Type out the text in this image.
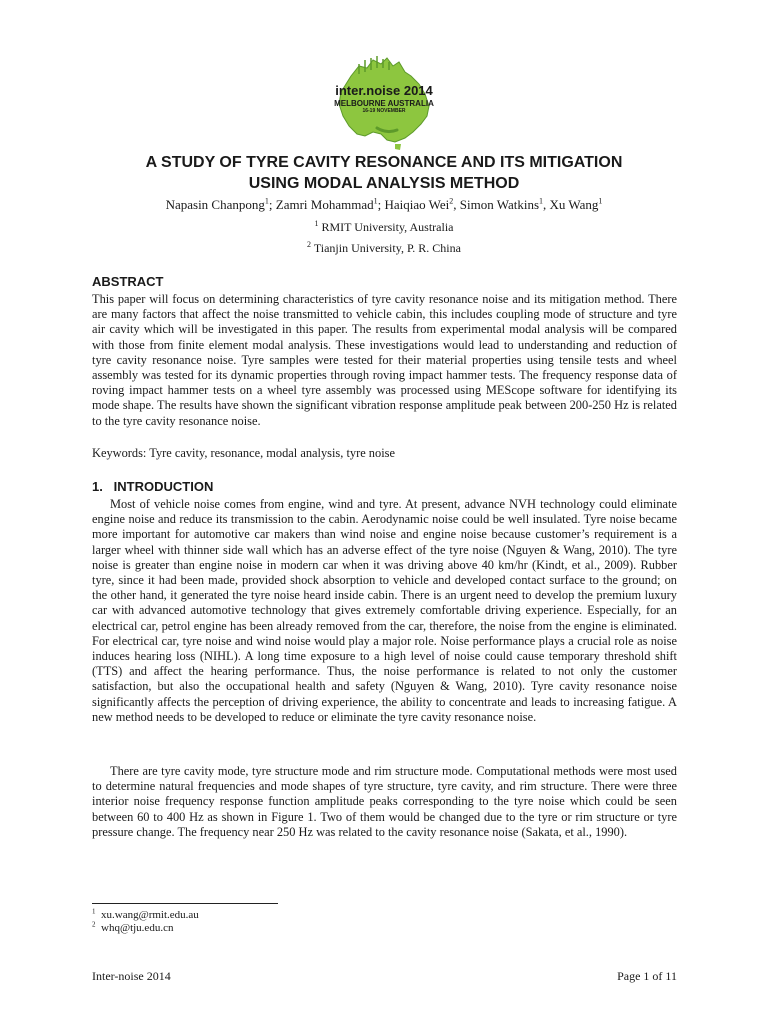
inter.noise 2014
MELBOURNE AUSTRALIA
16-19 NOVEMBER
A STUDY OF TYRE CAVITY RESONANCE AND ITS MITIGATION
USING MODAL ANALYSIS METHOD
Napasin Chanpong$^1$; Zamri Mohammad$^1$; Haiqiao Wei$^2$, Simon Watkins$^1$, Xu Wang$^1$
$^1$ RMIT University, Australia
$^2$ Tianjin University, P. R. China
ABSTRACT

This paper will focus on determining characteristics of tyre cavity resonance noise and its mitigation method. There are many factors that affect the noise transmitted to vehicle cabin, this includes coupling mode of structure and tyre air cavity which will be investigated in this paper. The results from experimental modal analysis will be compared with those from finite element modal analysis. These investigations would lead to understanding and reduction of tyre cavity resonance noise. Tyre samples were tested for their material properties using tensile tests and wheel assembly was tested for its dynamic properties through roving impact hammer tests. The frequency response data of roving impact hammer tests on a wheel tyre assembly was processed using MEScope software for identifying its mode shape. The results have shown the significant vibration response amplitude peak between 200-250 Hz is related to the tyre cavity resonance noise.

Keywords: Tyre cavity, resonance, modal analysis, tyre noise

1.   INTRODUCTION

Most of vehicle noise comes from engine, wind and tyre. At present, advance NVH technology could eliminate engine noise and reduce its transmission to the cabin. Aerodynamic noise could be well insulated. Tyre noise became more important for automotive car makers than wind noise and engine noise because customer’s requirement is a larger wheel with thinner side wall which has an adverse effect of the tyre noise (Nguyen & Wang, 2010). The tyre noise is greater than engine noise in modern car when it was driving above 40 km/hr (Kindt, et al., 2009). Rubber tyre, since it had been made, provided shock absorption to vehicle and developed contact surface to the ground; on the other hand, it generated the tyre noise heard inside cabin. There is an urgent need to develop the premium luxury car with advanced automotive technology that gives extremely comfortable driving experience. Especially, for an electrical car, petrol engine has been already removed from the car, therefore, the noise from the engine is eliminated. For electrical car, tyre noise and wind noise would play a major role. Noise performance plays a crucial role as noise induces hearing loss (NIHL). A long time exposure to a high level of noise could cause temporary threshold shift (TTS) and affect the hearing performance. Thus, the noise performance is related to not only the customer satisfaction, but also the occupational health and safety (Nguyen & Wang, 2010). Tyre cavity resonance noise significantly affects the perception of driving experience, the ability to concentrate and leads to increasing fatigue. A new method needs to be developed to reduce or eliminate the tyre cavity resonance noise.

There are tyre cavity mode, tyre structure mode and rim structure mode. Computational methods were most used to determine natural frequencies and mode shapes of tyre structure, tyre cavity, and rim structure. There were three interior noise frequency response function amplitude peaks corresponding to the tyre noise which could be seen between 60 to 400 Hz as shown in Figure 1. Two of them would be changed due to the tyre or rim structure or tyre pressure change. The frequency near 250 Hz was related to the cavity resonance noise (Sakata, et al., 1990).

$^1$ xu.wang@rmit.edu.au
$^2$ whq@tju.edu.cn
Inter-noise 2014	Page 1 of 11
